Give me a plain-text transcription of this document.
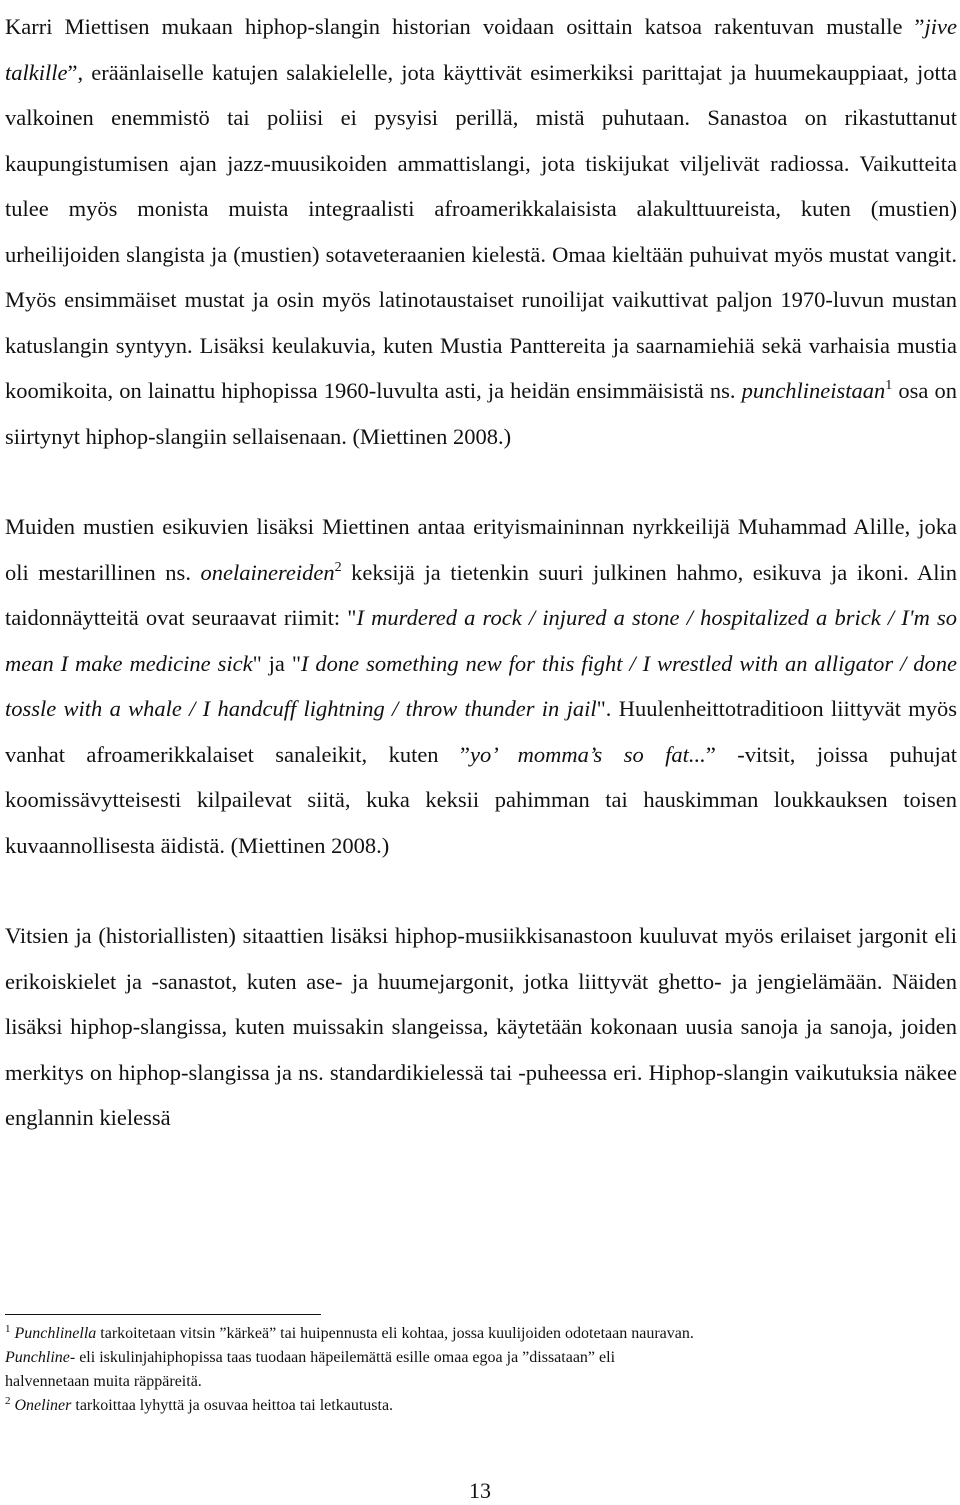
Karri Miettisen mukaan hiphop-slangin historian voidaan osittain katsoa rakentuvan mustalle ”jive talkille”, eräänlaiselle katujen salakielelle, jota käyttivät esimerkiksi parittajat ja huumekauppiaat, jotta valkoinen enemmistö tai poliisi ei pysyisi perillä, mistä puhutaan. Sanastoa on rikastuttanut kaupungistumisen ajan jazz-muusikoiden ammattislangi, jota tiskijukat viljelivät radiossa. Vaikutteita tulee myös monista muista integraalisti afroamerikkalaisista alakulttuureista, kuten (mustien) urheilijoiden slangista ja (mustien) sotaveteraanien kielestä. Omaa kieltään puhuivat myös mustat vangit. Myös ensimmäiset mustat ja osin myös latinotaustaiset runoilijat vaikuttivat paljon 1970-luvun mustan katuslangin syntyyn. Lisäksi keulakuvia, kuten Mustia Panttereita ja saarnamiehiä sekä varhaisia mustia koomikoita, on lainattu hiphopissa 1960-luvulta asti, ja heidän ensimmäisistä ns. punchlineistaan$^1$ osa on siirtynyt hiphop-slangiin sellaisenaan. (Miettinen 2008.)

Muiden mustien esikuvien lisäksi Miettinen antaa erityismaininnan nyrkkeilijä Muhammad Alille, joka oli mestarillinen ns. onelainereiden$^2$ keksijä ja tietenkin suuri julkinen hahmo, esikuva ja ikoni. Alin taidonnäytteitä ovat seuraavat riimit: "I murdered a rock / injured a stone / hospitalized a brick / I'm so mean I make medicine sick" ja "I done something new for this fight / I wrestled with an alligator / done tossle with a whale / I handcuff lightning / throw thunder in jail". Huulenheittotraditioon liittyvät myös vanhat afroamerikkalaiset sanaleikit, kuten ”yo’ momma’s so fat...” -vitsit, joissa puhujat koomissävytteisesti kilpailevat siitä, kuka keksii pahimman tai hauskimman loukkauksen toisen kuvaannollisesta äidistä. (Miettinen 2008.)

Vitsien ja (historiallisten) sitaattien lisäksi hiphop-musiikkisanastoon kuuluvat myös erilaiset jargonit eli erikoiskielet ja -sanastot, kuten ase- ja huumejargonit, jotka liittyvät ghetto- ja jengielämään. Näiden lisäksi hiphop-slangissa, kuten muissakin slangeissa, käytetään kokonaan uusia sanoja ja sanoja, joiden merkitys on hiphop-slangissa ja ns. standardikielessä tai -puheessa eri. Hiphop-slangin vaikutuksia näkee englannin kielessä

$^1$ Punchlinella tarkoitetaan vitsin ”kärkeä” tai huipennusta eli kohtaa, jossa kuulijoiden odotetaan nauravan.
Punchline- eli iskulinjahiphopissa taas tuodaan häpeilemättä esille omaa egoa ja ”dissataan” eli
halvennetaan muita räppäreitä.

$^2$ Oneliner tarkoittaa lyhyttä ja osuvaa heittoa tai letkautusta.

13
